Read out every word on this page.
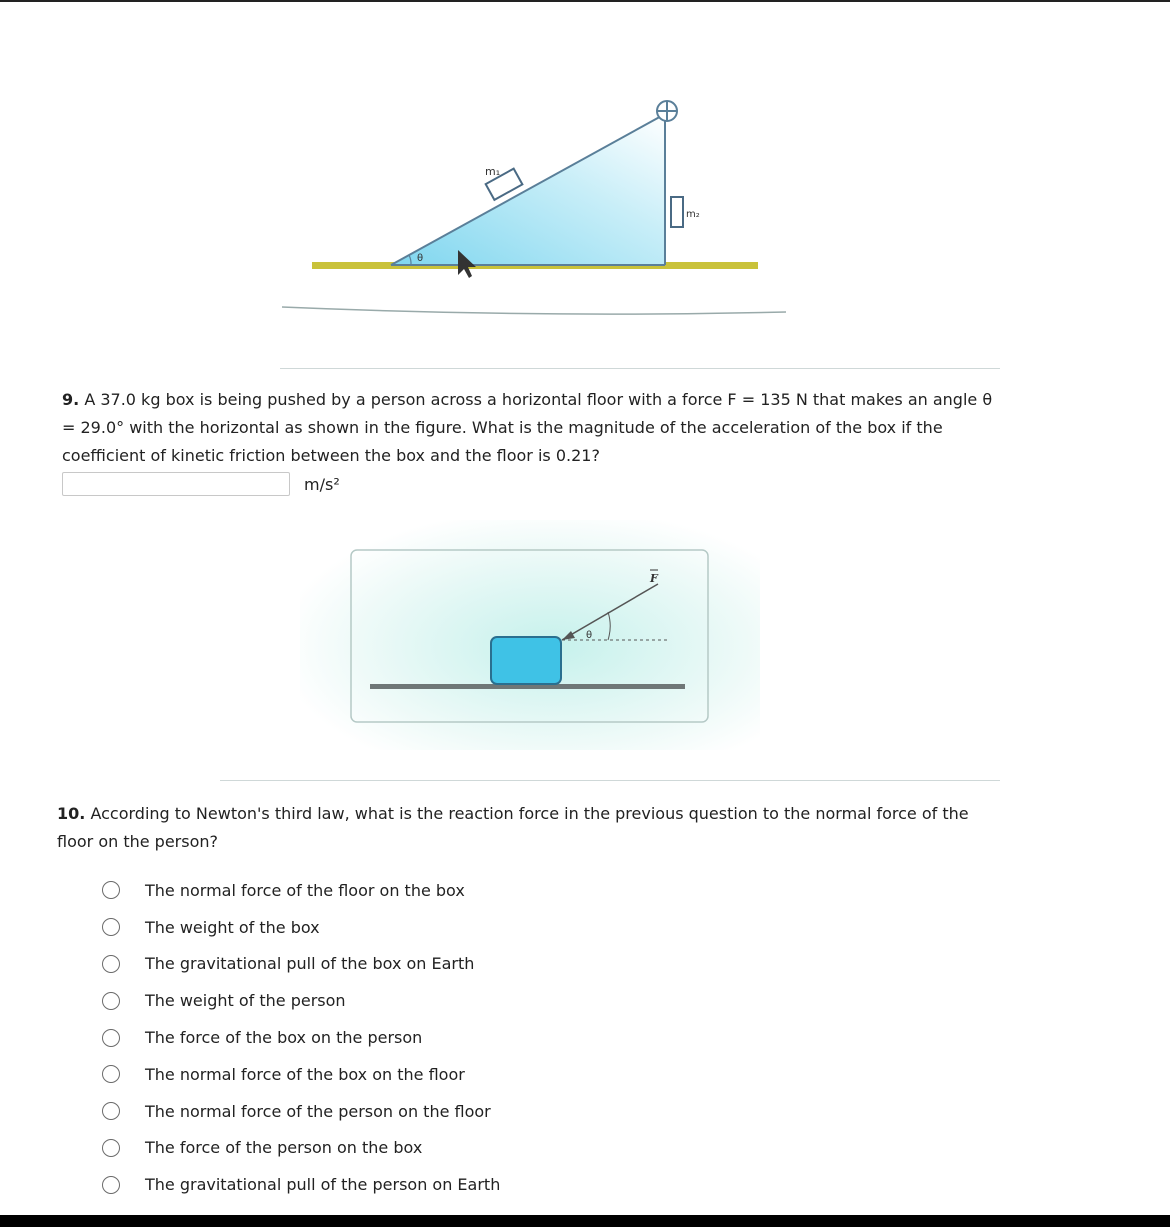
m₁
m₂
θ
9. A 37.0 kg box is being pushed by a person across a horizontal floor with a force F = 135 N that makes an angle θ = 29.0° with the horizontal as shown in the figure. What is the magnitude of the acceleration of the box if the coefficient of kinetic friction between the box and the floor is 0.21?
m/s²
θ
F
10. According to Newton's third law, what is the reaction force in the previous question to the normal force of the floor on the person?
The normal force of the floor on the box
The weight of the box
The gravitational pull of the box on Earth
The weight of the person
The force of the box on the person
The normal force of the box on the floor
The normal force of the person on the floor
The force of the person on the box
The gravitational pull of the person on Earth
